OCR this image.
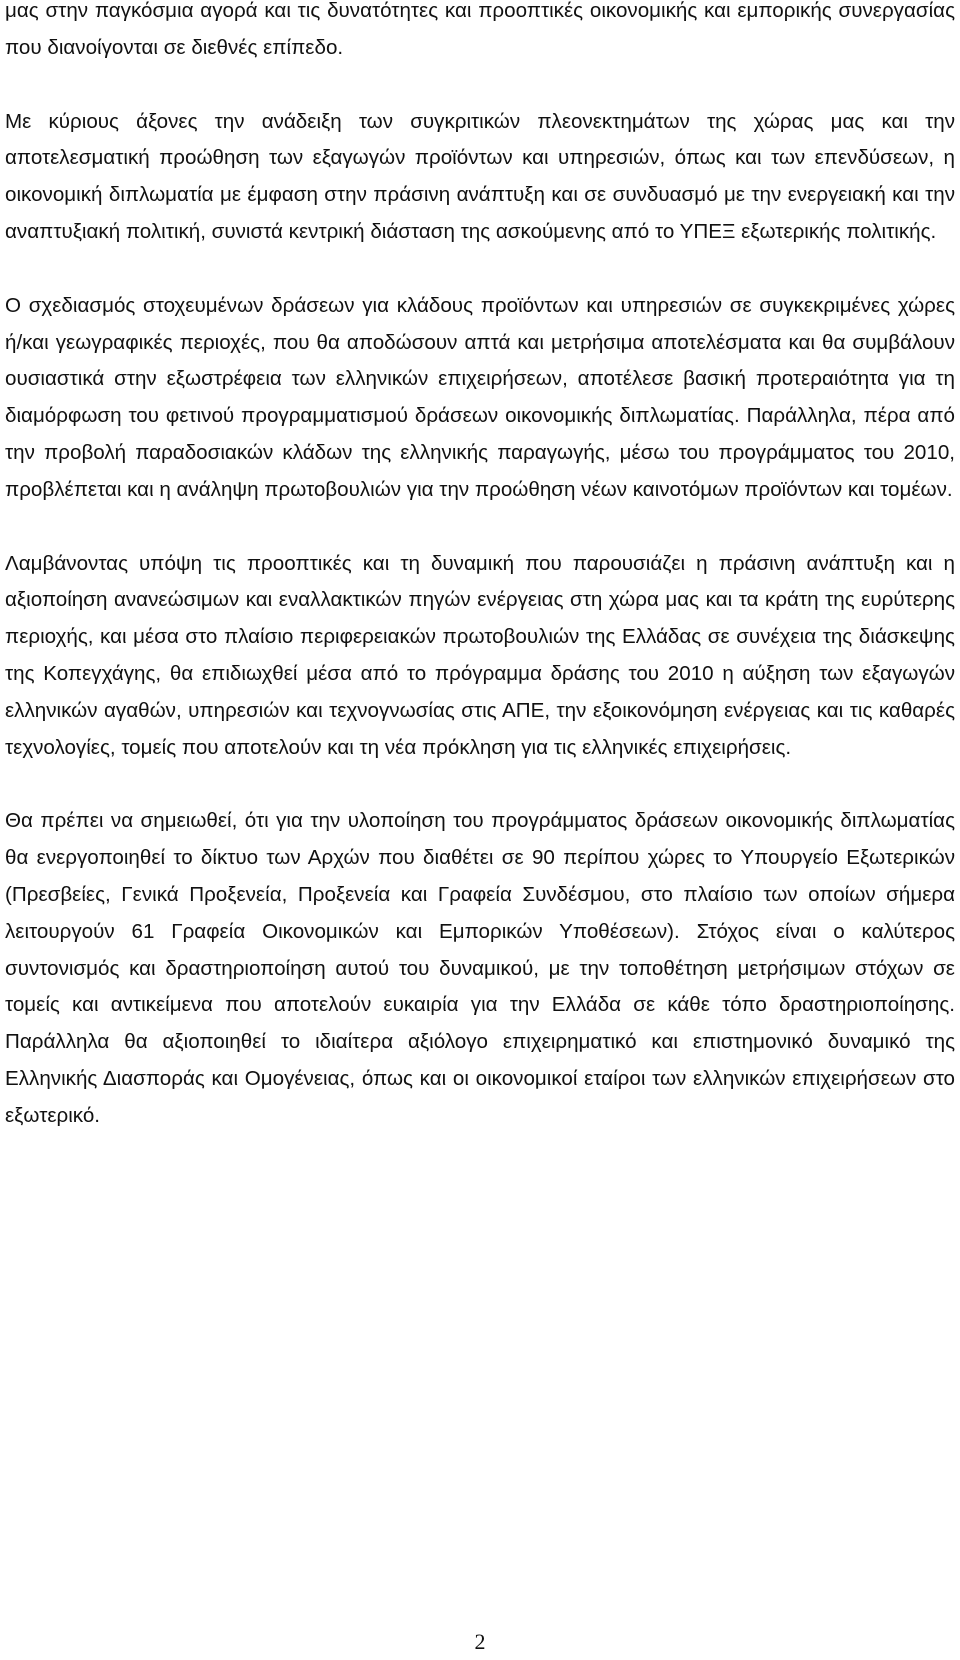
μας στην παγκόσμια αγορά και τις δυνατότητες και προοπτικές οικονομικής και εμπορικής συνεργασίας που διανοίγονται σε διεθνές επίπεδο.

Με κύριους άξονες την ανάδειξη των συγκριτικών πλεονεκτημάτων της χώρας μας και την αποτελεσματική προώθηση των εξαγωγών προϊόντων και υπηρεσιών, όπως και των επενδύσεων, η οικονομική διπλωματία με έμφαση στην πράσινη ανάπτυξη και σε συνδυασμό με την ενεργειακή και την αναπτυξιακή πολιτική, συνιστά κεντρική διάσταση της ασκούμενης από το ΥΠΕΞ εξωτερικής πολιτικής.

Ο σχεδιασμός στοχευμένων δράσεων για κλάδους προϊόντων και υπηρεσιών σε συγκεκριμένες χώρες ή/και γεωγραφικές περιοχές, που θα αποδώσουν απτά και μετρήσιμα αποτελέσματα και θα συμβάλουν ουσιαστικά στην εξωστρέφεια των ελληνικών επιχειρήσεων, αποτέλεσε βασική προτεραιότητα για τη διαμόρφωση του φετινού προγραμματισμού δράσεων οικονομικής διπλωματίας. Παράλληλα, πέρα από την προβολή παραδοσιακών κλάδων της ελληνικής παραγωγής, μέσω του προγράμματος του 2010, προβλέπεται και η ανάληψη πρωτοβουλιών για την προώθηση νέων καινοτόμων προϊόντων και τομέων.

Λαμβάνοντας υπόψη τις προοπτικές και τη δυναμική που παρουσιάζει η πράσινη ανάπτυξη και η αξιοποίηση ανανεώσιμων και εναλλακτικών πηγών ενέργειας στη χώρα μας και τα κράτη της ευρύτερης περιοχής, και μέσα στο πλαίσιο περιφερειακών πρωτοβουλιών της Ελλάδας σε συνέχεια της διάσκεψης της Κοπεγχάγης, θα επιδιωχθεί μέσα από το πρόγραμμα δράσης του 2010 η αύξηση των εξαγωγών ελληνικών αγαθών, υπηρεσιών και τεχνογνωσίας στις ΑΠΕ, την εξοικονόμηση ενέργειας και τις καθαρές τεχνολογίες, τομείς που αποτελούν και τη νέα πρόκληση για τις ελληνικές επιχειρήσεις.

Θα πρέπει να σημειωθεί, ότι για την υλοποίηση του προγράμματος δράσεων οικονομικής διπλωματίας θα ενεργοποιηθεί το δίκτυο των Αρχών που διαθέτει σε 90 περίπου χώρες το Υπουργείο Εξωτερικών (Πρεσβείες, Γενικά Προξενεία, Προξενεία και Γραφεία Συνδέσμου, στο πλαίσιο των οποίων σήμερα λειτουργούν 61 Γραφεία Οικονομικών και Εμπορικών Υποθέσεων). Στόχος είναι ο καλύτερος συντονισμός και δραστηριοποίηση αυτού του δυναμικού, με την τοποθέτηση μετρήσιμων στόχων σε τομείς και αντικείμενα που αποτελούν ευκαιρία για την Ελλάδα σε κάθε τόπο δραστηριοποίησης. Παράλληλα θα αξιοποιηθεί το ιδιαίτερα αξιόλογο επιχειρηματικό και επιστημονικό δυναμικό της Ελληνικής Διασποράς και Ομογένειας, όπως και οι οικονομικοί εταίροι των ελληνικών επιχειρήσεων στο εξωτερικό.

2
